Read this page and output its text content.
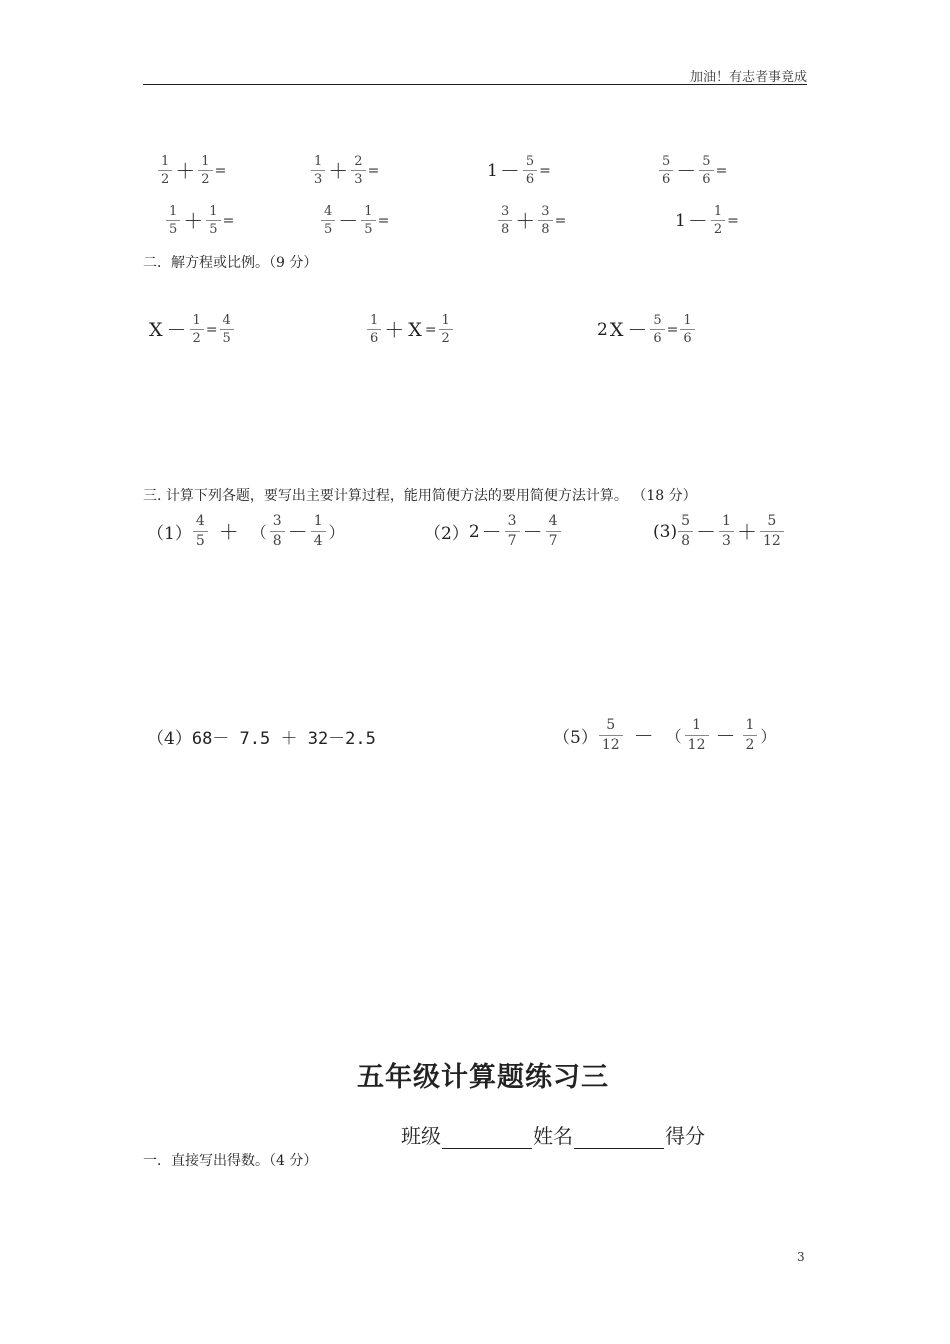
加油！有志者事竟成
$\frac{1}{2} + \frac{1}{2}$ =	$\frac{1}{3} + \frac{2}{3}$ =	$1 - \frac{5}{6}$ =	$\frac{5}{6} - \frac{5}{6}$ =
$\frac{1}{5} + \frac{1}{5}$ =	$\frac{4}{5} - \frac{1}{5}$ =	$\frac{3}{8} + \frac{3}{8}$ =	$1 - \frac{1}{2}$ =
二．解方程或比例。（9 分）
$X - \frac{1}{2} = \frac{4}{5}$	$\frac{1}{6} + X = \frac{1}{2}$	2 $X - \frac{5}{6} = \frac{1}{6}$
三. 计算下列各题，要写出主要计算过程，能用简便方法的要用简便方法计算。 （18 分）
$(1) \frac{4}{5}$ ＋ （ $\frac{3}{8} - \frac{1}{4}$ ）	（2） $2 - \frac{3}{7} - \frac{4}{7}$	$(3) \frac{5}{8} - \frac{1}{3} + \frac{5}{12}$
（4） 68－ 7.5 ＋ 32－2.5	$(5) \frac{5}{12}$ － （ $\frac{1}{12} - \frac{1}{2}$ ）
五年级计算题练习三
班级	姓名	得分
一．直接写出得数。（4 分）
3
